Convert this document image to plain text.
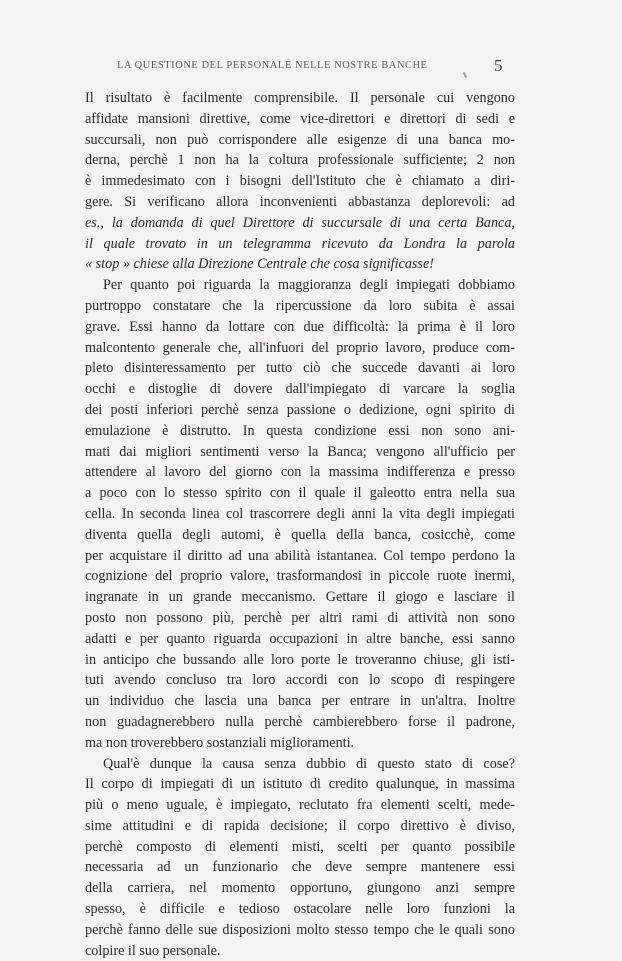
LA QUESTIONE DEL PERSONALE NELLE NOSTRE BANCHE	5
Il risultato è facilmente comprensibile. Il personale cui vengono
affidate mansioni direttive, come vice-direttori e direttori di sedi e
succursali, non può corrispondere alle esigenze di una banca mo-
derna, perchè 1 non ha la coltura professionale sufficiente; 2 non
è immedesimato con i bisogni dell'Istituto che è chiamato a diri-
gere. Si verificano allora inconvenienti abbastanza deplorevoli: ad
es., la domanda di quel Direttore di succursale di una certa Banca,
il quale trovato in un telegramma ricevuto da Londra la parola
« stop » chiese alla Direzione Centrale che cosa significasse!
Per quanto poi riguarda la maggioranza degli impiegati dobbiamo
purtroppo constatare che la ripercussione da loro subita è assai
grave. Essi hanno da lottare con due difficoltà: la prima è il loro
malcontento generale che, all'infuori del proprio lavoro, produce com-
pleto disinteressamento per tutto ciò che succede davanti ai loro
occhi e distoglie di dovere dall'impiegato di varcare la soglia
dei posti inferiori perchè senza passione o dedizione, ogni spirito di
emulazione è distrutto. In questa condizione essi non sono ani-
mati dai migliori sentimenti verso la Banca; vengono all'ufficio per
attendere al lavoro del giorno con la massima indifferenza e presso
a poco con lo stesso spirito con il quale il galeotto entra nella sua
cella. In seconda linea col trascorrere degli anni la vita degli impiegati
diventa quella degli automi, è quella della banca, cosicchè, come
per acquistare il diritto ad una abilità istantanea. Col tempo perdono la
cognizione del proprio valore, trasformandosi in piccole ruote inermi,
ingranate in un grande meccanismo. Gettare il giogo e lasciare il
posto non possono più, perchè per altri rami di attività non sono
adatti e per quanto riguarda occupazioni in altre banche, essi sanno
in anticipo che bussando alle loro porte le troveranno chiuse, gli isti-
tuti avendo concluso tra loro accordi con lo scopo di respingere
un individuo che lascia una banca per entrare in un'altra. Inoltre
non guadagnerebbero nulla perchè cambierebbero forse il padrone,
ma non troverebbero sostanziali miglioramenti.
Qual'è dunque la causa senza dubbio di questo stato di cose?
Il corpo di impiegati di un istituto di credito qualunque, in massima
più o meno uguale, è impiegato, reclutato fra elementi scelti, mede-
sime attitudini e di rapida decisione; il corpo direttivo è diviso,
perchè composto di elementi misti, scelti per quanto possibile
necessaria ad un funzionario che deve sempre mantenere essi
della carriera, nel momento opportuno, giungono anzi sempre
spesso, è difficile e tedioso ostacolare nelle loro funzioni la
perchè fanno delle sue disposizioni molto stesso tempo che le quali sono
colpire il suo personale.
